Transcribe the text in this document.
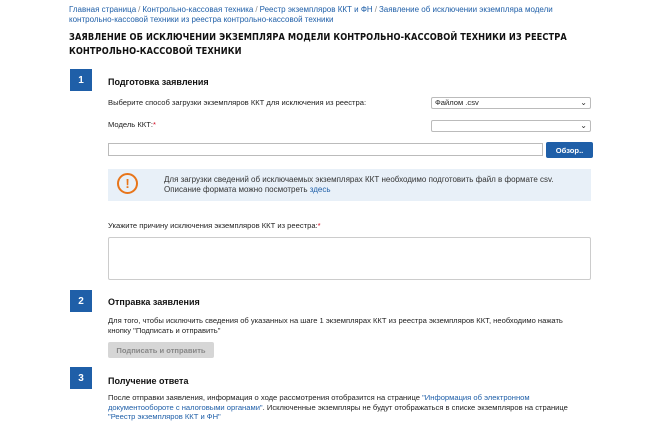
Главная страница / Контрольно-кассовая техника / Реестр экземпляров ККТ и ФН / Заявление об исключении экземпляра модели контрольно-кассовой техники из реестра контрольно-кассовой техники
ЗАЯВЛЕНИЕ ОБ ИСКЛЮЧЕНИИ ЭКЗЕМПЛЯРА МОДЕЛИ КОНТРОЛЬНО-КАССОВОЙ ТЕХНИКИ ИЗ РЕЕСТРА КОНТРОЛЬНО-КАССОВОЙ ТЕХНИКИ
1	Подготовка заявления
Выберите способ загрузки экземпляров ККТ для исключения из реестра:	Файлом .csv	⌄
Модель ККТ:*	⌄
Обзор..
!	Для загрузки сведений об исключаемых экземплярах ККТ необходимо подготовить файл в формате csv. Описание формата можно посмотреть здесь
Укажите причину исключения экземпляров ККТ из реестра:*
2	Отправка заявления
Для того, чтобы исключить сведения об указанных на шаге 1 экземплярах ККТ из реестра экземпляров ККТ, необходимо нажать кнопку "Подписать и отправить"
Подписать и отправить
3	Получение ответа
После отправки заявления, информация о ходе рассмотрения отобразится на странице "Информация об электронном документообороте с налоговыми органами". Исключенные экземпляры не будут отображаться в списке экземпляров на странице "Реестр экземпляров ККТ и ФН"
